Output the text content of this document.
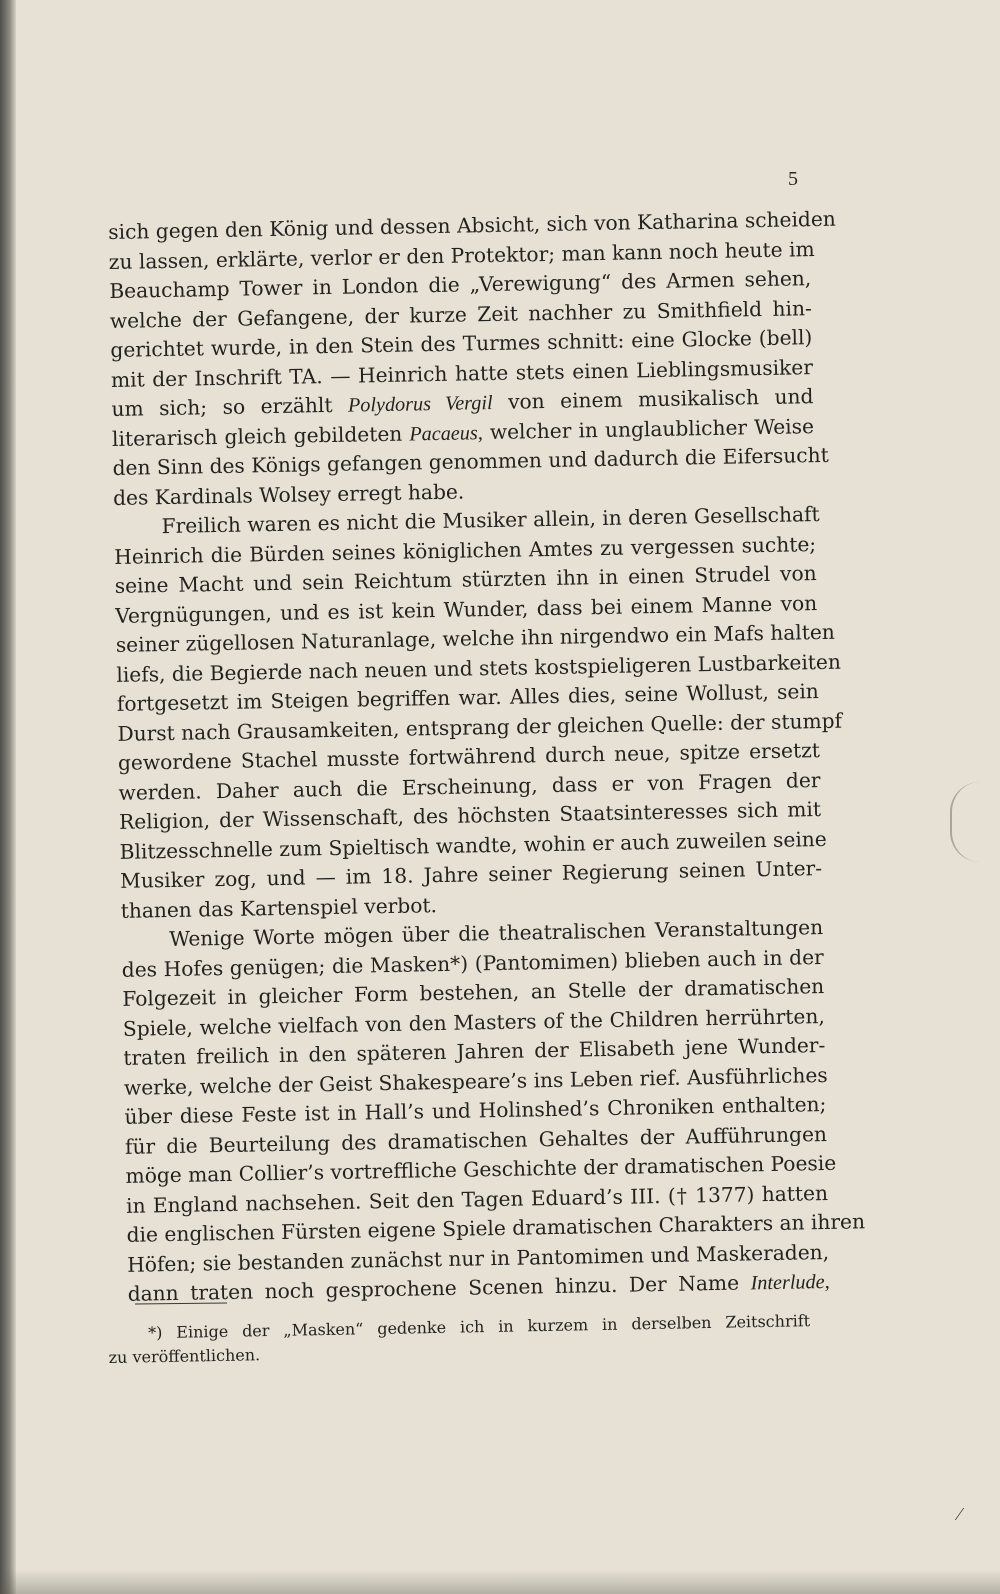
5
sich gegen den König und dessen Absicht, sich von Katharina scheiden
zu lassen, erklärte, verlor er den Protektor; man kann noch heute im
Beauchamp Tower in London die „Verewigung“ des Armen sehen,
welche der Gefangene, der kurze Zeit nachher zu Smithfield hin-
gerichtet wurde, in den Stein des Turmes schnitt: eine Glocke (bell)
mit der Inschrift TA. — Heinrich hatte stets einen Lieblingsmusiker
um sich; so erzählt Polydorus Vergil von einem musikalisch und
literarisch gleich gebildeten Pacaeus, welcher in unglaublicher Weise
den Sinn des Königs gefangen genommen und dadurch die Eifersucht
des Kardinals Wolsey erregt habe.
Freilich waren es nicht die Musiker allein, in deren Gesellschaft
Heinrich die Bürden seines königlichen Amtes zu vergessen suchte;
seine Macht und sein Reichtum stürzten ihn in einen Strudel von
Vergnügungen, und es ist kein Wunder, dass bei einem Manne von
seiner zügellosen Naturanlage, welche ihn nirgendwo ein Mafs halten
liefs, die Begierde nach neuen und stets kostspieligeren Lustbarkeiten
fortgesetzt im Steigen begriffen war. Alles dies, seine Wollust, sein
Durst nach Grausamkeiten, entsprang der gleichen Quelle: der stumpf
gewordene Stachel musste fortwährend durch neue, spitze ersetzt
werden. Daher auch die Erscheinung, dass er von Fragen der
Religion, der Wissenschaft, des höchsten Staatsinteresses sich mit
Blitzesschnelle zum Spieltisch wandte, wohin er auch zuweilen seine
Musiker zog, und — im 18. Jahre seiner Regierung seinen Unter-
thanen das Kartenspiel verbot.
Wenige Worte mögen über die theatralischen Veranstaltungen
des Hofes genügen; die Masken*) (Pantomimen) blieben auch in der
Folgezeit in gleicher Form bestehen, an Stelle der dramatischen
Spiele, welche vielfach von den Masters of the Children herrührten,
traten freilich in den späteren Jahren der Elisabeth jene Wunder-
werke, welche der Geist Shakespeare’s ins Leben rief. Ausführliches
über diese Feste ist in Hall’s und Holinshed’s Chroniken enthalten;
für die Beurteilung des dramatischen Gehaltes der Aufführungen
möge man Collier’s vortreffliche Geschichte der dramatischen Poesie
in England nachsehen. Seit den Tagen Eduard’s III. († 1377) hatten
die englischen Fürsten eigene Spiele dramatischen Charakters an ihren
Höfen; sie bestanden zunächst nur in Pantomimen und Maskeraden,
dann traten noch gesprochene Scenen hinzu. Der Name Interlude,
*) Einige der „Masken“ gedenke ich in kurzem in derselben Zeitschrift
zu veröffentlichen.
⁄
